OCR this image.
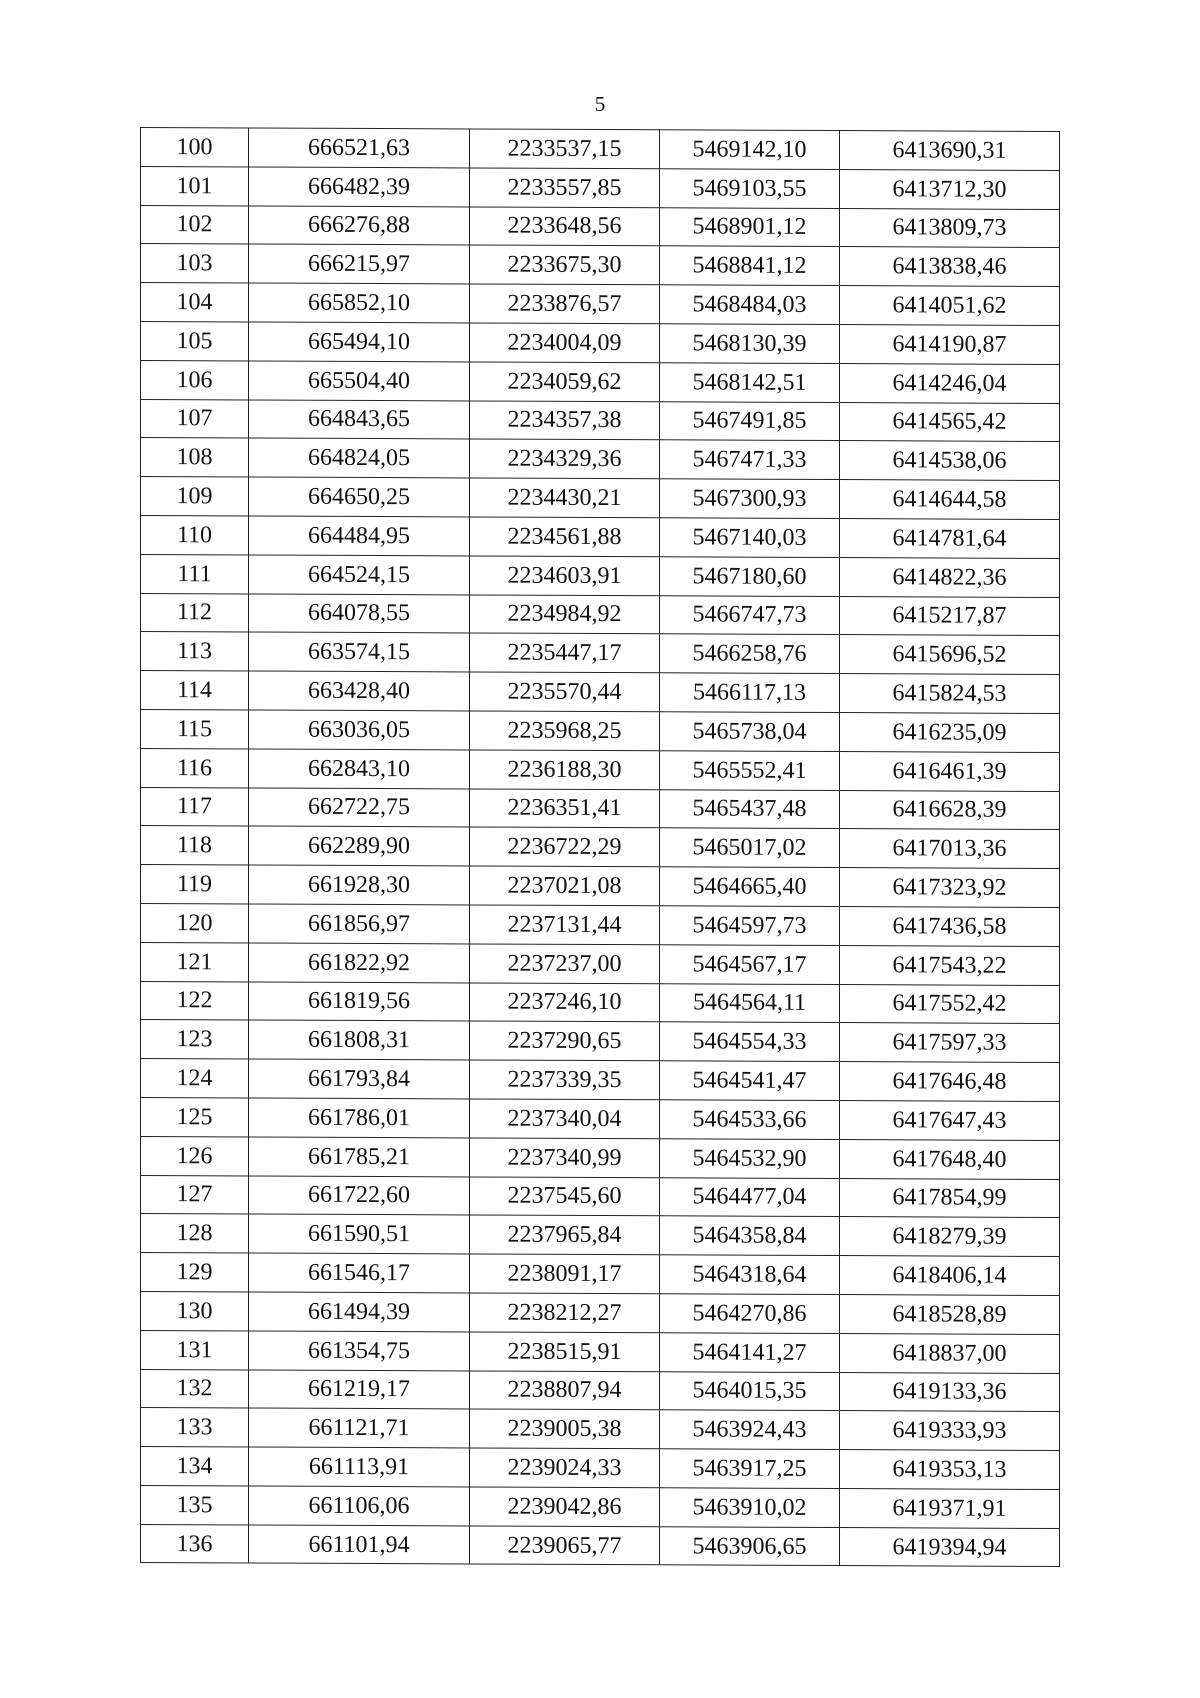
5
100	666521,63	2233537,15	5469142,10	6413690,31
101	666482,39	2233557,85	5469103,55	6413712,30
102	666276,88	2233648,56	5468901,12	6413809,73
103	666215,97	2233675,30	5468841,12	6413838,46
104	665852,10	2233876,57	5468484,03	6414051,62
105	665494,10	2234004,09	5468130,39	6414190,87
106	665504,40	2234059,62	5468142,51	6414246,04
107	664843,65	2234357,38	5467491,85	6414565,42
108	664824,05	2234329,36	5467471,33	6414538,06
109	664650,25	2234430,21	5467300,93	6414644,58
110	664484,95	2234561,88	5467140,03	6414781,64
111	664524,15	2234603,91	5467180,60	6414822,36
112	664078,55	2234984,92	5466747,73	6415217,87
113	663574,15	2235447,17	5466258,76	6415696,52
114	663428,40	2235570,44	5466117,13	6415824,53
115	663036,05	2235968,25	5465738,04	6416235,09
116	662843,10	2236188,30	5465552,41	6416461,39
117	662722,75	2236351,41	5465437,48	6416628,39
118	662289,90	2236722,29	5465017,02	6417013,36
119	661928,30	2237021,08	5464665,40	6417323,92
120	661856,97	2237131,44	5464597,73	6417436,58
121	661822,92	2237237,00	5464567,17	6417543,22
122	661819,56	2237246,10	5464564,11	6417552,42
123	661808,31	2237290,65	5464554,33	6417597,33
124	661793,84	2237339,35	5464541,47	6417646,48
125	661786,01	2237340,04	5464533,66	6417647,43
126	661785,21	2237340,99	5464532,90	6417648,40
127	661722,60	2237545,60	5464477,04	6417854,99
128	661590,51	2237965,84	5464358,84	6418279,39
129	661546,17	2238091,17	5464318,64	6418406,14
130	661494,39	2238212,27	5464270,86	6418528,89
131	661354,75	2238515,91	5464141,27	6418837,00
132	661219,17	2238807,94	5464015,35	6419133,36
133	661121,71	2239005,38	5463924,43	6419333,93
134	661113,91	2239024,33	5463917,25	6419353,13
135	661106,06	2239042,86	5463910,02	6419371,91
136	661101,94	2239065,77	5463906,65	6419394,94
